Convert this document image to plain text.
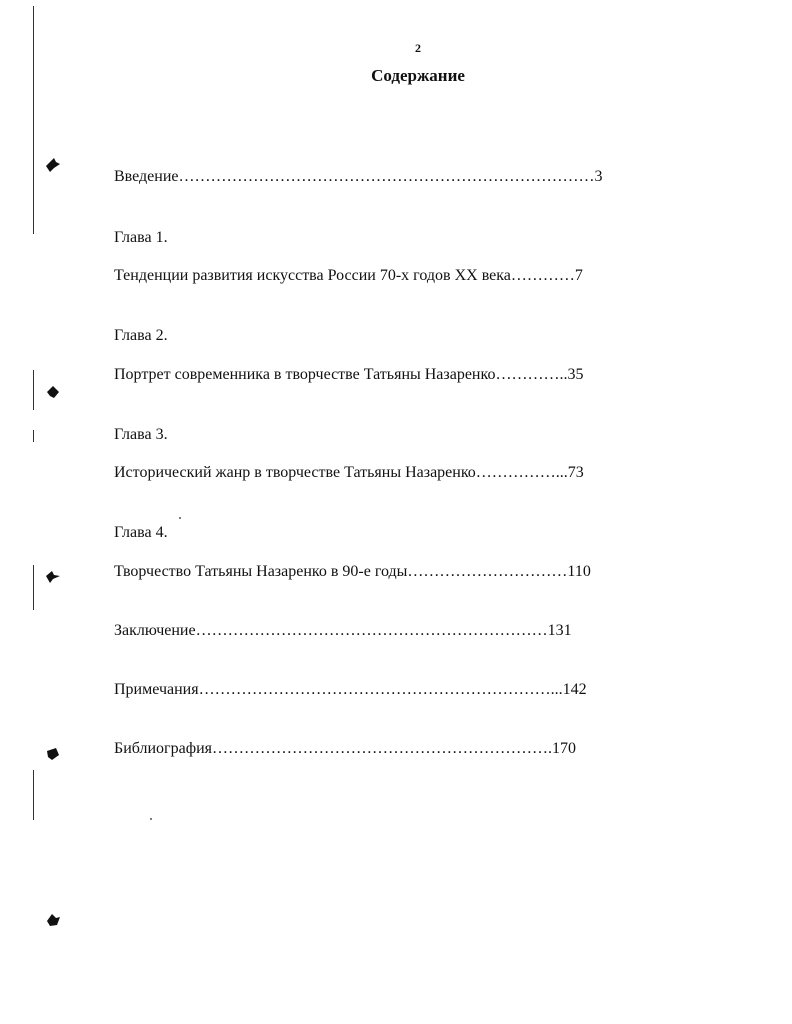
2
Содержание
Введение……………………………………………………………………3
Глава 1.
Тенденции развития искусства России 70-х годов XX века…………7
Глава 2.
Портрет современника в творчестве Татьяны Назаренко…………..35
Глава 3.
Исторический жанр в творчестве Татьяны Назаренко……………...73
Глава 4.
Творчество Татьяны Назаренко в 90-е годы…………………………110
Заключение…………………………………………………………131
Примечания…………………………………………………………...142
Библиография……………………………………………………….170
